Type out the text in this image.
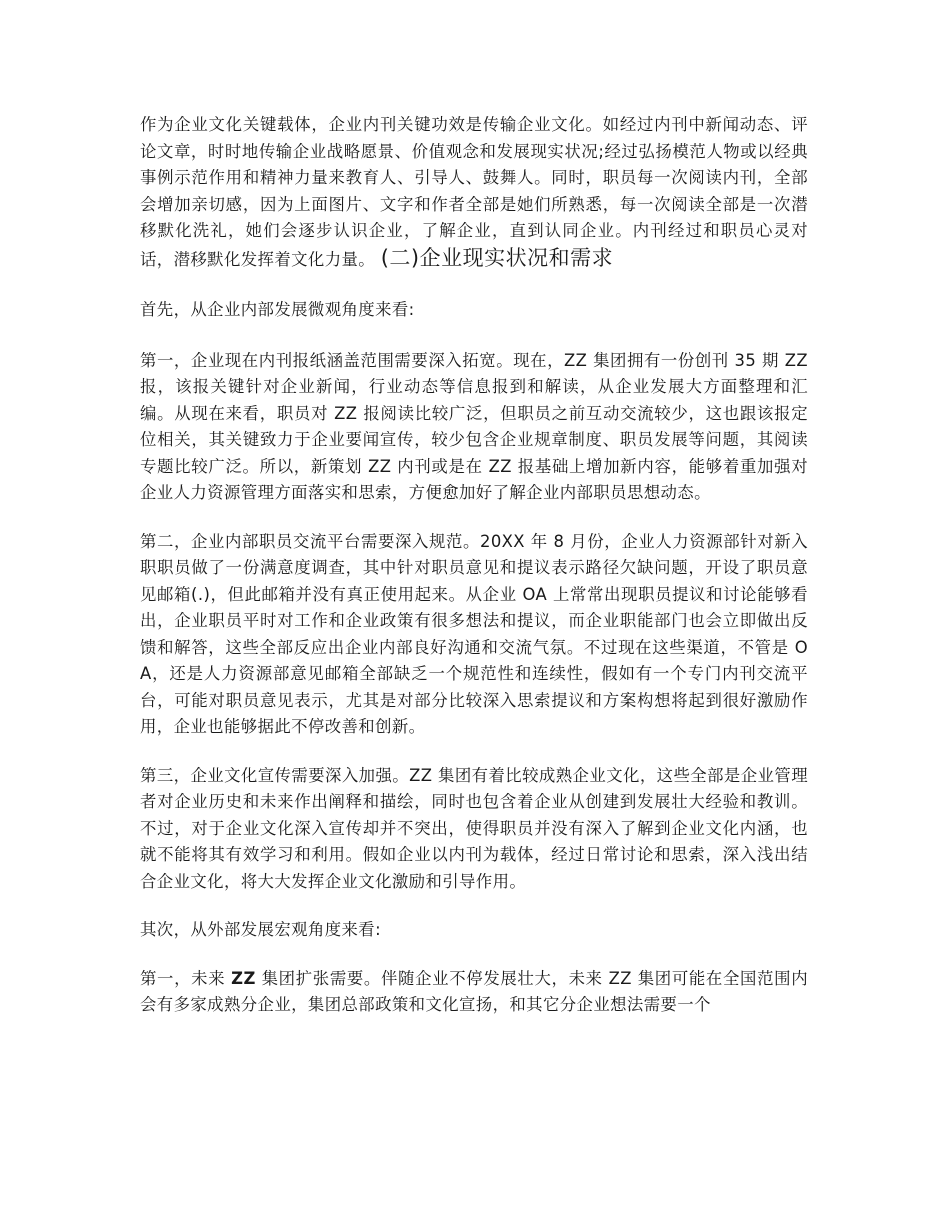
作为企业文化关键载体，企业内刊关键功效是传输企业文化。如经过内刊中新闻动态、评论文章，时时地传输企业战略愿景、价值观念和发展现实状况;经过弘扬模范人物或以经典事例示范作用和精神力量来教育人、引导人、鼓舞人。同时，职员每一次阅读内刊，全部会增加亲切感，因为上面图片、文字和作者全部是她们所熟悉，每一次阅读全部是一次潜移默化洗礼，她们会逐步认识企业，了解企业，直到认同企业。内刊经过和职员心灵对话，潜移默化发挥着文化力量。 (二)企业现实状况和需求

首先，从企业内部发展微观角度来看:

第一，企业现在内刊报纸涵盖范围需要深入拓宽。现在，ZZ 集团拥有一份创刊 35 期 ZZ 报，该报关键针对企业新闻，行业动态等信息报到和解读，从企业发展大方面整理和汇编。从现在来看，职员对 ZZ 报阅读比较广泛，但职员之前互动交流较少，这也跟该报定位相关，其关键致力于企业要闻宣传，较少包含企业规章制度、职员发展等问题，其阅读专题比较广泛。所以，新策划 ZZ 内刊或是在 ZZ 报基础上增加新内容，能够着重加强对企业人力资源管理方面落实和思索，方便愈加好了解企业内部职员思想动态。

第二，企业内部职员交流平台需要深入规范。20XX 年 8 月份，企业人力资源部针对新入职职员做了一份满意度调查，其中针对职员意见和提议表示路径欠缺问题，开设了职员意见邮箱(.)，但此邮箱并没有真正使用起来。从企业 OA 上常常出现职员提议和讨论能够看出，企业职员平时对工作和企业政策有很多想法和提议，而企业职能部门也会立即做出反馈和解答，这些全部反应出企业内部良好沟通和交流气氛。不过现在这些渠道，不管是 OA，还是人力资源部意见邮箱全部缺乏一个规范性和连续性，假如有一个专门内刊交流平台，可能对职员意见表示，尤其是对部分比较深入思索提议和方案构想将起到很好激励作用，企业也能够据此不停改善和创新。

第三，企业文化宣传需要深入加强。ZZ 集团有着比较成熟企业文化，这些全部是企业管理者对企业历史和未来作出阐释和描绘，同时也包含着企业从创建到发展壮大经验和教训。不过，对于企业文化深入宣传却并不突出，使得职员并没有深入了解到企业文化内涵，也就不能将其有效学习和利用。假如企业以内刊为载体，经过日常讨论和思索，深入浅出结合企业文化，将大大发挥企业文化激励和引导作用。

其次，从外部发展宏观角度来看:

第一，未来 ZZ 集团扩张需要。伴随企业不停发展壮大，未来 ZZ 集团可能在全国范围内会有多家成熟分企业，集团总部政策和文化宣扬，和其它分企业想法需要一个
